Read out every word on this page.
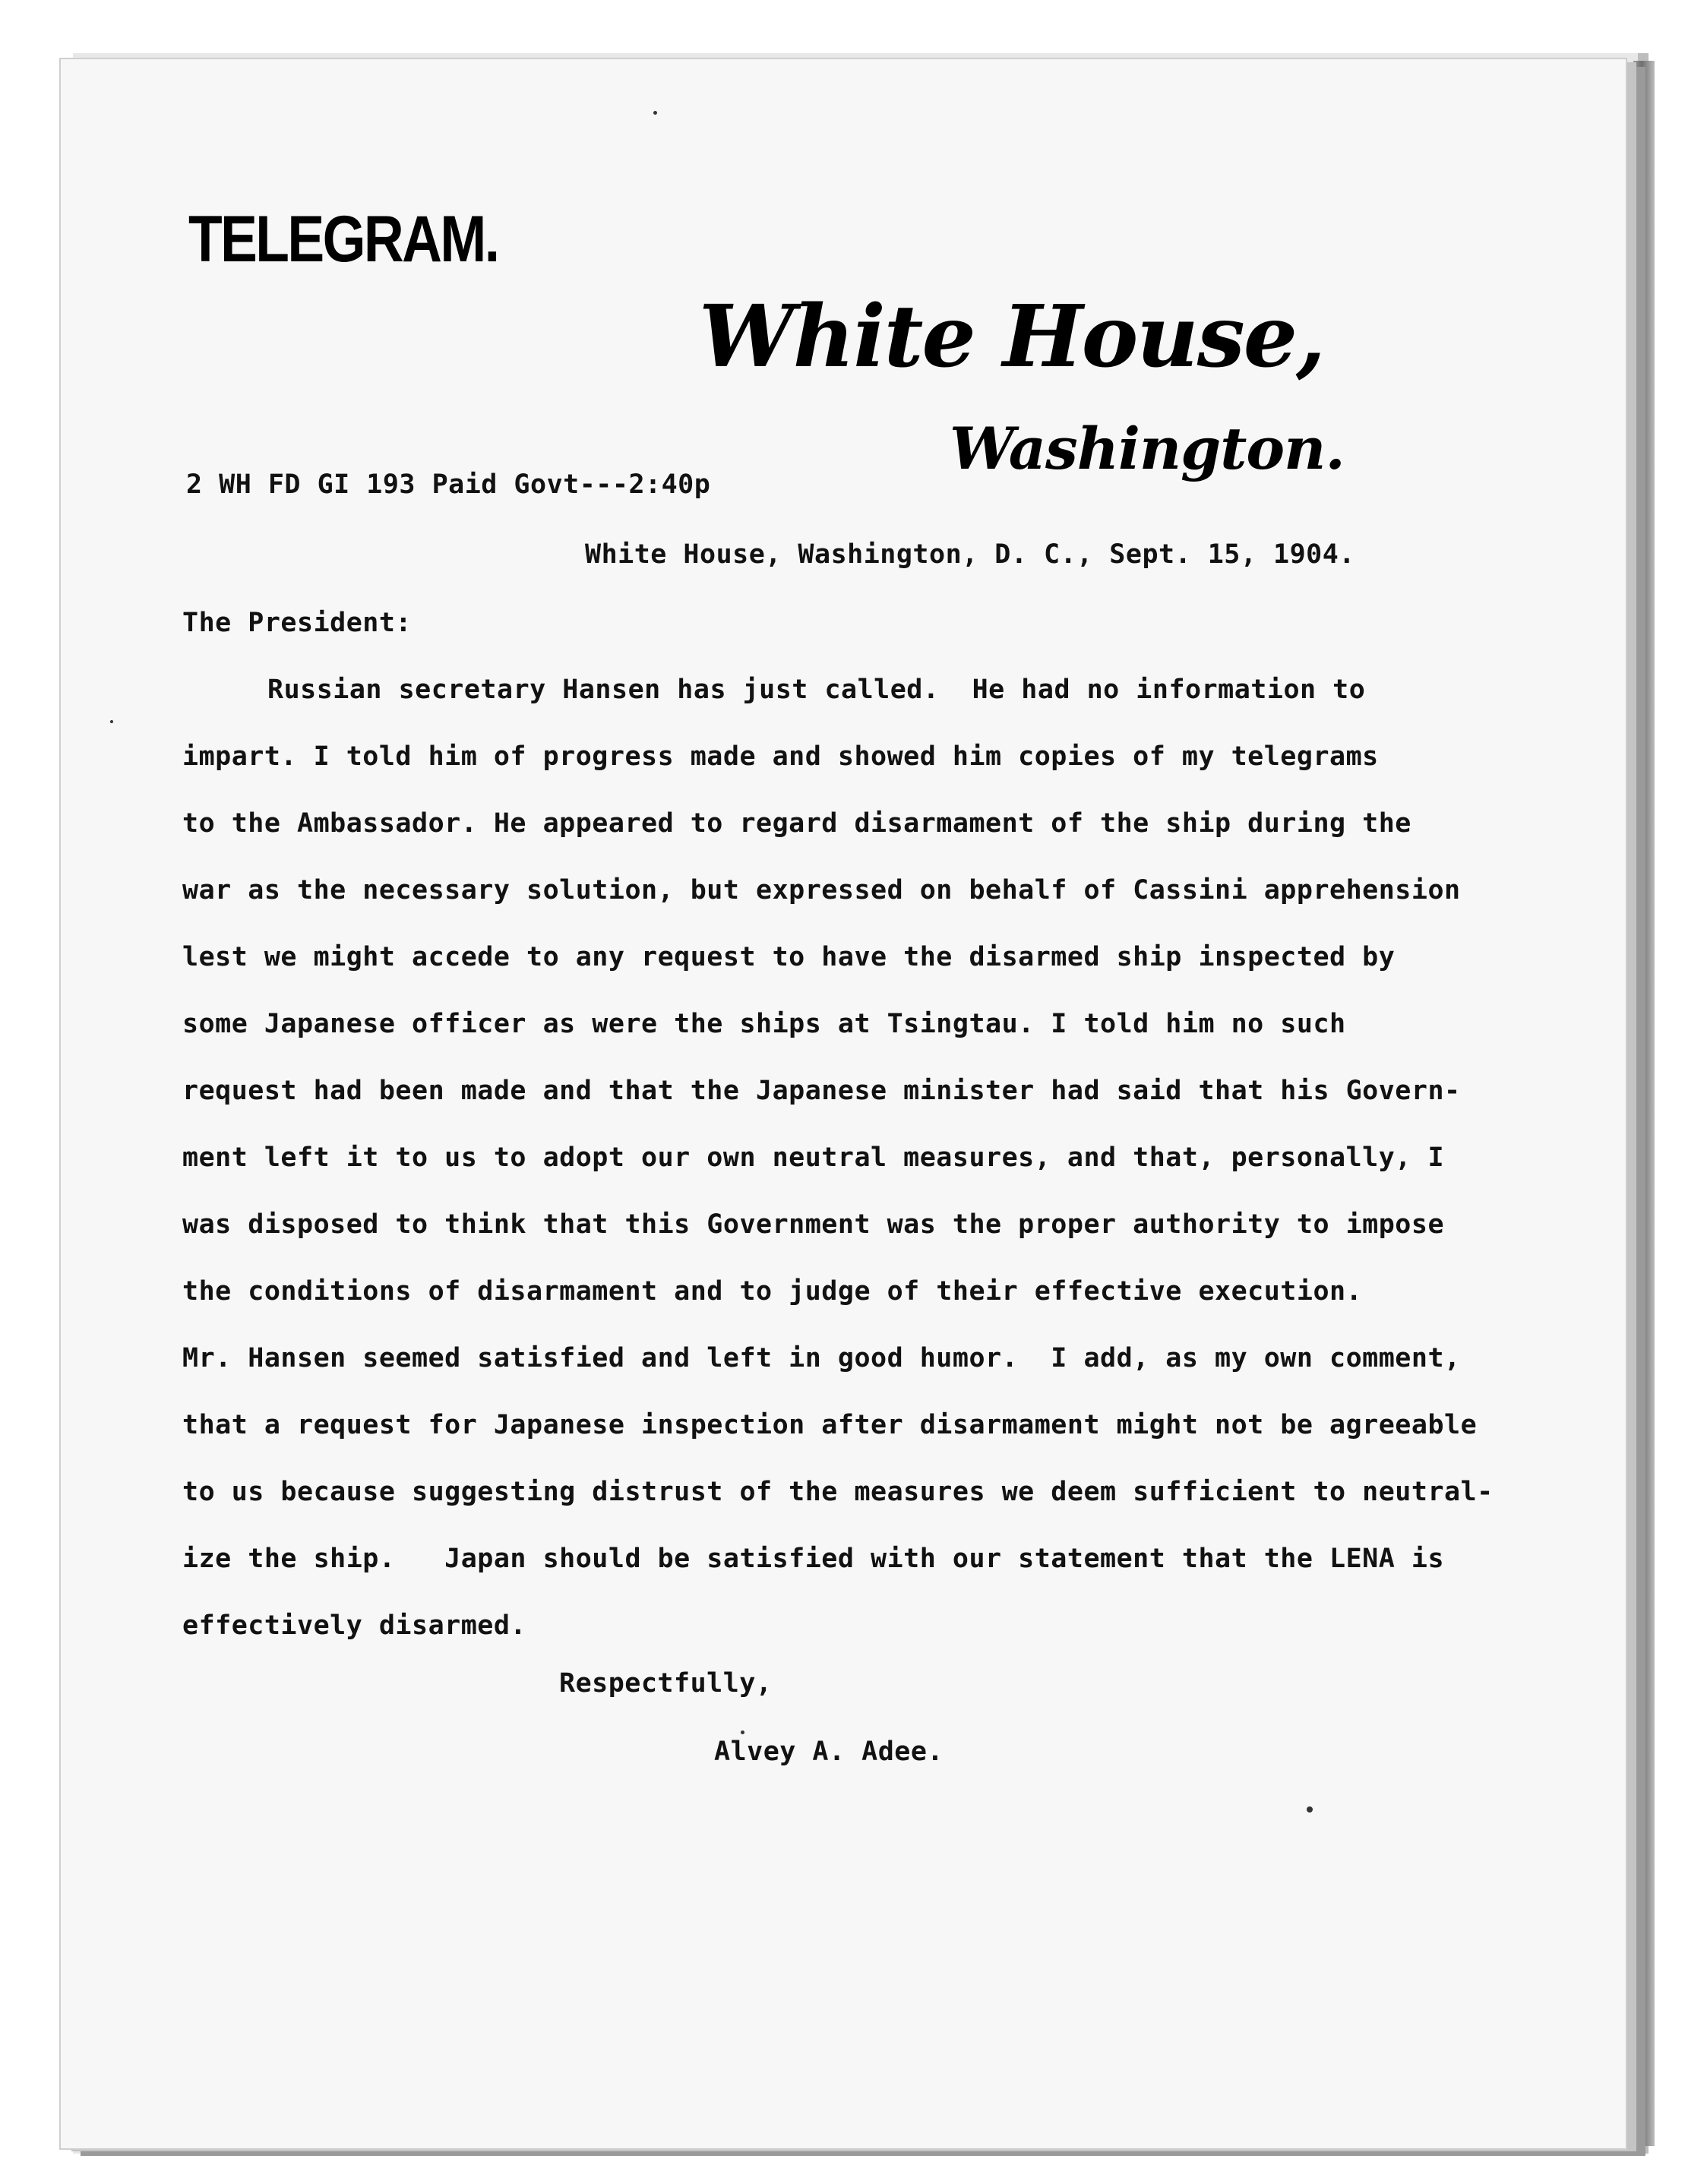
TELEGRAM.
White House,
Washington.
2 WH FD GI 193 Paid Govt---2:40p
White House, Washington, D. C., Sept. 15, 1904.
The President:
Russian secretary Hansen has just called.  He had no information to
impart. I told him of progress made and showed him copies of my telegrams
to the Ambassador. He appeared to regard disarmament of the ship during the
war as the necessary solution, but expressed on behalf of Cassini apprehension
lest we might accede to any request to have the disarmed ship inspected by
some Japanese officer as were the ships at Tsingtau. I told him no such
request had been made and that the Japanese minister had said that his Govern-
ment left it to us to adopt our own neutral measures, and that, personally, I
was disposed to think that this Government was the proper authority to impose
the conditions of disarmament and to judge of their effective execution.
Mr. Hansen seemed satisfied and left in good humor.  I add, as my own comment,
that a request for Japanese inspection after disarmament might not be agreeable
to us because suggesting distrust of the measures we deem sufficient to neutral-
ize the ship.   Japan should be satisfied with our statement that the LENA is
effectively disarmed.
Respectfully,
Alvey A. Adee.
